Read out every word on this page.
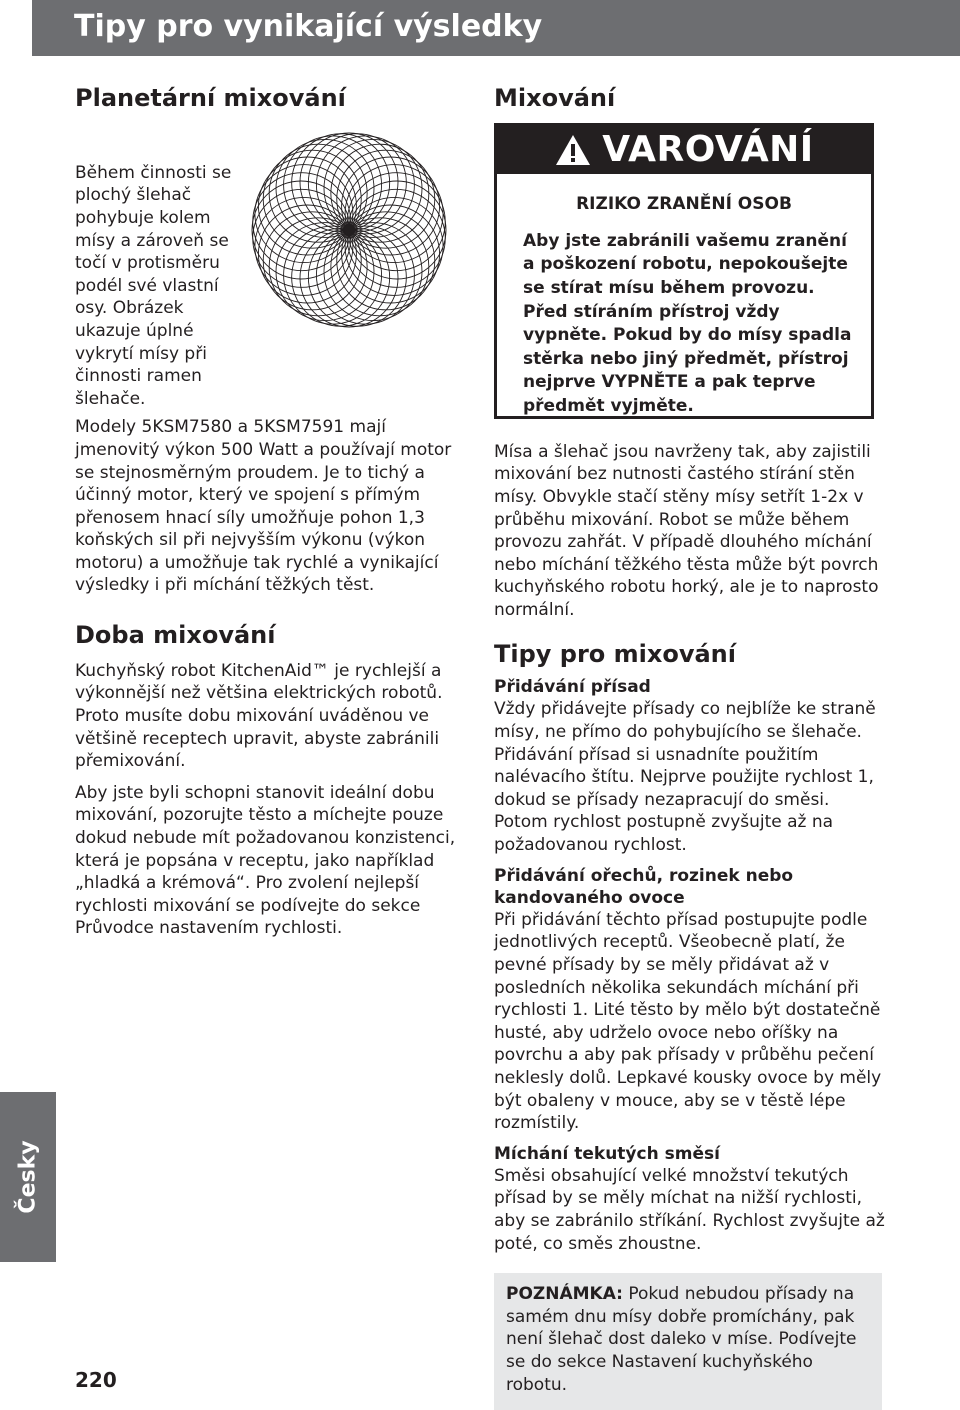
Tipy pro vynikající výsledky
Česky
220
Planetární mixování

Během činnosti se plochý šlehač pohybuje kolem mísy a zároveň se točí v protisměru podél své vlastní osy. Obrázek ukazuje úplné vykrytí mísy při činnosti ramen šlehače.

Modely 5KSM7580 a 5KSM7591 mají jmenovitý výkon 500 Watt a používají motor se stejnosměrným proudem. Je to tichý a účinný motor, který ve spojení s přímým přenosem hnací síly umožňuje pohon 1,3 koňských sil při nejvyšším výkonu (výkon motoru) a umožňuje tak rychlé a vynikající výsledky i při míchání těžkých těst.

Doba mixování

Kuchyňský robot KitchenAid™ je rychlejší a výkonnější než většina elektrických robotů. Proto musíte dobu mixování uváděnou ve většině receptech upravit, abyste zabránili přemixování.

Aby jste byli schopni stanovit ideální dobu mixování, pozorujte těsto a míchejte pouze dokud nebude mít požadovanou konzistenci, která je popsána v receptu, jako například „hladká a krémová“. Pro zvolení nejlepší rychlosti mixování se podívejte do sekce Průvodce nastavením rychlosti.

Mixování
VAROVÁNÍ
RIZIKO ZRANĚNÍ OSOB

Aby jste zabránili vašemu zranění a poškození robotu, nepokoušejte se stírat mísu během provozu. Před stíráním přístroj vždy vypněte. Pokud by do mísy spadla stěrka nebo jiný předmět, přístroj nejprve VYPNĚTE a pak teprve předmět vyjměte.

Mísa a šlehač jsou navrženy tak, aby zajistili mixování bez nutnosti častého stírání stěn mísy. Obvykle stačí stěny mísy setřít 1-2x v průběhu mixování. Robot se může během provozu zahřát. V případě dlouhého míchání nebo míchání těžkého těsta může být povrch kuchyňského robotu horký, ale je to naprosto normální.

Tipy pro mixování
Přidávání přísad

Vždy přidávejte přísady co nejblíže ke straně mísy, ne přímo do pohybujícího se šlehače. Přidávání přísad si usnadníte použitím nalévacího štítu. Nejprve použijte rychlost 1, dokud se přísady nezapracují do směsi. Potom rychlost postupně zvyšujte až na požadovanou rychlost.

Přidávání ořechů, rozinek nebo kandovaného ovoce

Při přidávání těchto přísad postupujte podle jednotlivých receptů. Všeobecně platí, že pevné přísady by se měly přidávat až v posledních několika sekundách míchání při rychlosti 1. Lité těsto by mělo být dostatečně husté, aby udrželo ovoce nebo oříšky na povrchu a aby pak přísady v průběhu pečení neklesly dolů. Lepkavé kousky ovoce by měly být obaleny v mouce, aby se v těstě lépe rozmístily.

Míchání tekutých směsí

Směsi obsahující velké množství tekutých přísad by se měly míchat na nižší rychlosti, aby se zabránilo stříkání. Rychlost zvyšujte až poté, co směs zhoustne.

POZNÁMKA: Pokud nebudou přísady na samém dnu mísy dobře promíchány, pak není šlehač dost daleko v míse. Podívejte se do sekce Nastavení kuchyňského robotu.
